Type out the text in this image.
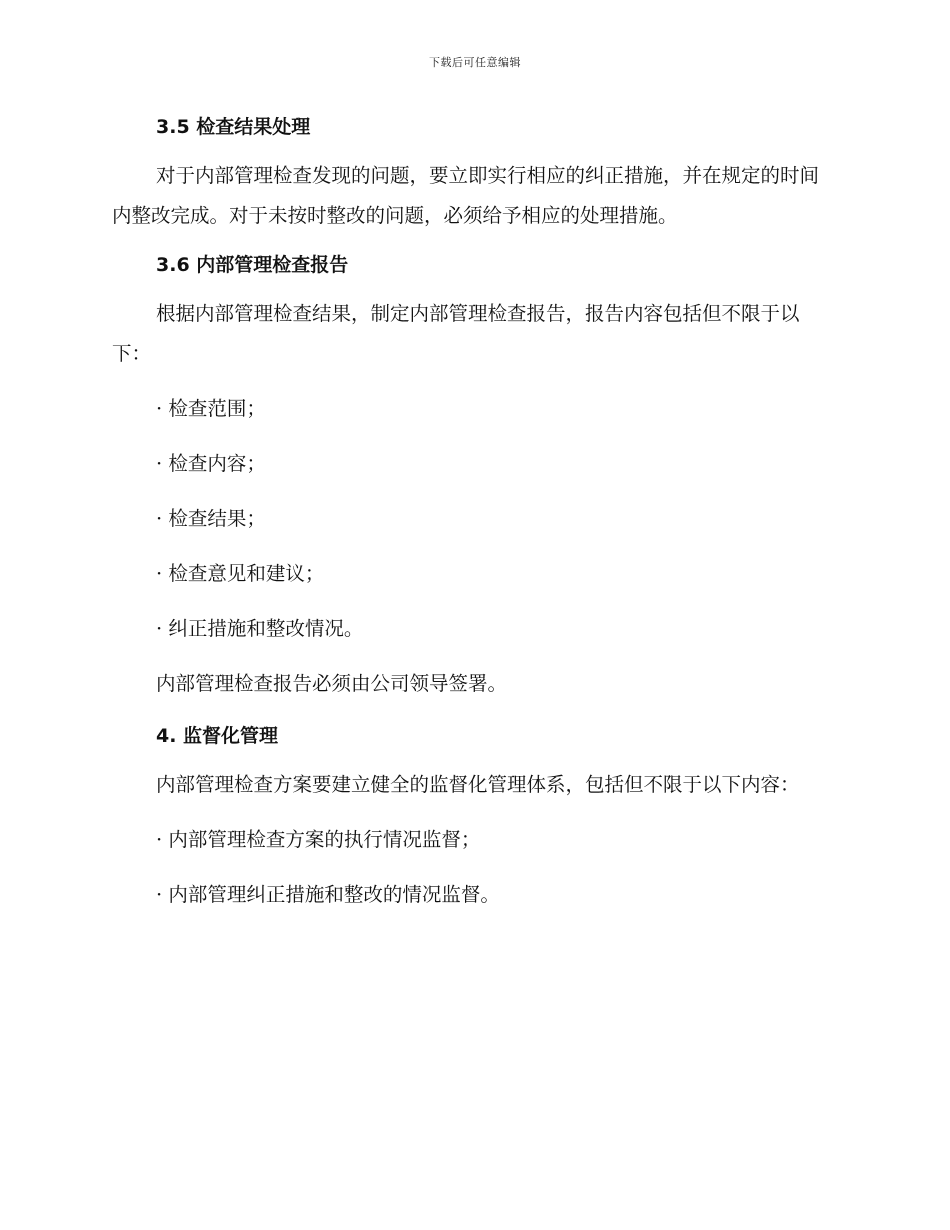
下载后可任意编辑
3.5 检查结果处理

对于内部管理检查发现的问题，要立即实行相应的纠正措施，并在规定的时间内整改完成。对于未按时整改的问题，必须给予相应的处理措施。

3.6 内部管理检查报告

根据内部管理检查结果，制定内部管理检查报告，报告内容包括但不限于以下：

· 检查范围；
· 检查内容；
· 检查结果；
· 检查意见和建议；
· 纠正措施和整改情况。

内部管理检查报告必须由公司领导签署。

4. 监督化管理

内部管理检查方案要建立健全的监督化管理体系，包括但不限于以下内容：

· 内部管理检查方案的执行情况监督；
· 内部管理纠正措施和整改的情况监督。
